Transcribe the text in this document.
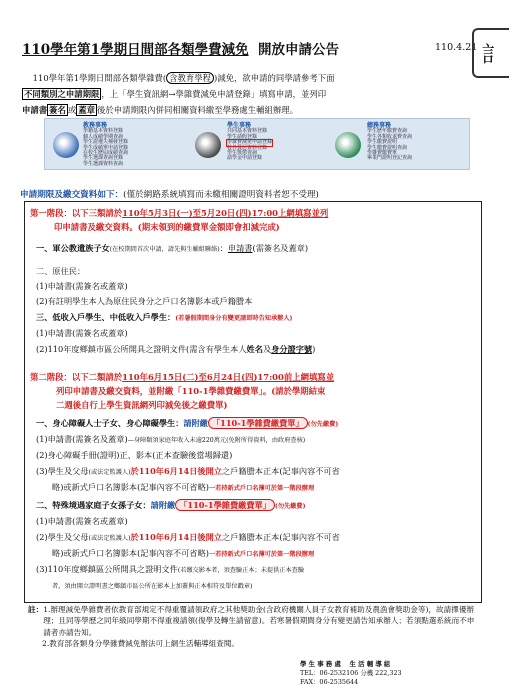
110學年第1學期日間部各類學費減免 開放申請公告	110.4.21 訁
110學年第1學期日間部各類學雜費( 含教育學程 )減免，欲申請的同學請參考下面
不同類別之申請期限 ，上「學生資訊網→學雜費減免申請登錄」填寫申請，並列印
申請書 簽名 或 蓋章 後於申請期限內併同相關資料繳至學務處生輔組辦理。
教務事務
學籍基本資料登錄
個人成績學期查詢
學生證遺失補發登錄
學生成績單申請登錄
在校生歷屆成績查詢
學生選課查詢登錄
學生選課資料查詢
學生事務
共同基本資料登錄
學生請假登錄
學雜費減免申請登錄
校外賃居資料登錄
學生獎懲查詢
請學金申請登錄
總務事務
學生歷年繳費查詢
學生各類收退費查詢
學生繳費證明
學生繳費證明查詢
學雜費繳費單
畢業門證明登記查詢
申請期限及繳交資料如下：(僅於網路系統填寫而未繳相關證明資料者恕不受理)
第一階段：以下三類請於110年5月3日(一)至5月20日(四)17:00上網填寫並列
印申請書及繳交資料。(期末領到的繳費單金額即會扣減完成)
一、軍公教遺族子女(在校期間首次申請，請先與生輔組聯絡)：申請書(需簽名及蓋章)
二、原住民：
(1)申請書(需簽名或蓋章)
(2)有註明學生本人為原住民身分之戶口名簿影本或戶籍謄本
三、低收入戶學生、中低收入戶學生：(若暑假期間身分有變更請即時告知承辦人)
(1)申請書(需簽名或蓋章)
(2)110年度鄉鎮市區公所開具之證明文件(需含有學生本人姓名及身分證字號)
第二階段：以下二類請於110年6月15日(二)至6月24日(四)17:00前上網填寫並
列印申請書及繳交資料，並附繳「110-1學雜費繳費單」。(請於學期結束
二週後自行上學生資訊網列印減免後之繳費單)
一、身心障礙人士子女、身心障礙學生：請附繳 「110-1學雜費繳費單」 (勿先繳費)
(1)申請書(需簽名及蓋章)—身障類須家庭年收入未逾220萬元(免附所得資料，由政府查核)
(2)身心障礙手冊(證明)正、影本(正本查驗後當場歸還)
(3)學生及父母(或法定監護人)於110年6月14日後開立之戶籍謄本正本(記事內容不可省
略)或新式戶口名簿影本(記事內容不可省略)一若持新式戶口名簿可於第一階段辦理
二、特殊境遇家庭子女孫子女：請附繳 「110-1學雜費繳費單」 (勿先繳費)
(1)申請書(需簽名或蓋章)
(2)學生及父母(或法定監護人)於110年6月14日後開立之戶籍謄本正本(記事內容不可省
略)或新式戶口名簿影本(記事內容不可省略)一若持新式戶口名簿可於第一階段辦理
(3)110年度鄉鎮區公所開具之證明文件(若繳交影本者，須查驗正本；未提供正本查驗
者，須由開立證明書之鄉鎮市區公所在影本上加蓋與正本相符及單位戳章)
註： 1.辦理減免學雜費者依教育部規定不得重覆請領政府之其他獎助金(含政府機關人員子女教育補助及農漁會獎助金等)，故請擇優辦理；且同等學歷之同年級同學期不得重複請領(復學及轉生請留意)。若寒暑假期間身分有變更請告知承辦人；若須點選系統而不申請者亦請告知。
2.教育部各類身分學雜費減免辦法可上網生活輔導組查閱。
學 生 事 務 處　 生 活 輔 導 組
TEL：06-2532106 分機 222,323
FAX：06-2535644
